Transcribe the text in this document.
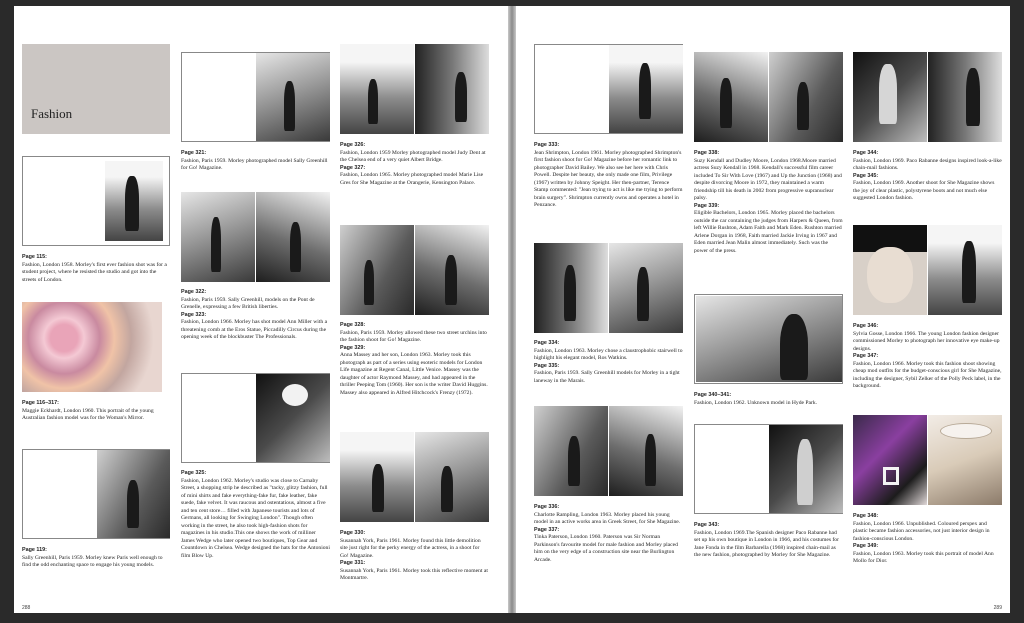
Fashion
Page 115:
Fashion, London 1958. Morley's first ever fashion shot was for a student project, where he resisted the studio and got into the streets of London.
Page 116–317:
Maggie Eckhardt, London 1960. This portrait of the young Australian fashion model was for the Woman's Mirror.
Page 119:
Sally Greenhill, Paris 1959. Morley knew Paris well enough to find the odd enchanting space to engage his young models.
Page 321:
Fashion, Paris 1959. Morley photographed model Sally Greenhill for Go! Magazine.
Page 322:
Fashion, Paris 1959. Sally Greenhill, models on the Pont de Grenelle, expressing a few British liberties.
Page 323:
Fashion, London 1966. Morley has shot model Ann Miller with a threatening comb at the Eros Statue, Piccadilly Circus during the opening week of the blockbuster The Professionals.
Page 325:
Fashion, London 1962. Morley's studio was close to Carnaby Street, a shopping strip he described as "tacky, glitzy fashion, full of mini shirts and fake everything-fake fur, fake leather, fake suede, fake velvet. It was raucous and ostentatious, almost a five and ten cent store… filled with Japanese tourists and lots of Germans, all looking for Swinging London". Though often working in the street, he also took high-fashion shots for magazines in his studio.This one shows the work of milliner James Wedge who later opened two boutiques, Top Gear and Countdown in Chelsea. Wedge designed the hats for the Antonioni film Blow Up.
Page 326:
Fashion, London 1959 Morley photographed model Judy Dent at the Chelsea end of a very quiet Albert Bridge.
Page 327:
Fashion, London 1965. Morley photographed model Marie Lise Gres for She Magazine at the Orangerie, Kensington Palace.
Page 328:
Fashion, Paris 1959. Morley allowed these two street urchins into the fashion shoot for Go! Magazine.
Page 329:
Anna Massey and her son, London 1963. Morley took this photograph as part of a series using esoteric models for London Life magazine at Regent Canal, Little Venice. Massey was the daughter of actor Raymond Massey, and had appeared in the thriller Peeping Tom (1960). Her son is the writer David Huggins. Massey also appeared in Alfred Hitchcock's Frenzy (1972).
Page 330:
Susannah York, Paris 1961. Morley found this little demolition site just right for the perky energy of the actress, in a shoot for Go! Magazine.
Page 331:
Susannah York, Paris 1961. Morley took this reflective moment at Montmartre.
288
Page 333:
Jean Shrimpton, London 1961. Morley photographed Shrimpton's first fashion shoot for Go! Magazine before her romantic link to photographer David Bailey. We also see her here with Chris Powell. Despite her beauty, she only made one film, Privilege (1967) written by Johnny Speight. Her then-partner, Terence Stamp commented: "Jean trying to act is like me trying to perform brain surgery". Shrimpton currently owns and operates a hotel in Penzance.
Page 334:
Fashion, London 1963. Morley chose a claustrophobic stairwell to highlight his elegant model, Ros Watkins.
Page 335:
Fashion, Paris 1959. Sally Greenhill models for Morley in a tight laneway in the Marais.
Page 336:
Charlotte Rampling, London 1963. Morley placed his young model in an active works area in Greek Street, for She Magazine.
Page 337:
Tinka Paterson, London 1960. Paterson was Sir Norman Parkinson's favourite model for male fashion and Morley placed him on the very edge of a construction site near the Burlington Arcade.
Page 338:
Suzy Kendall and Dudley Moore, London 1968.Moore married actress Suzy Kendall in 1968. Kendall's successful film career included To Sir With Love (1967) and Up the Junction (1968) and despite divorcing Moore in 1972, they maintained a warm friendship till his death in 2002 from progressive supranuclear palsy.
Page 339:
Eligible Bachelors, London 1965. Morley placed the bachelors outside the car containing the judges from Harpers & Queen, from left Willie Rushton, Adam Faith and Mark Eden. Rushton married Arlene Dorgan in 1968, Faith married Jackie Irving in 1967 and Eden married Jean Malin almost immediately. Such was the power of the press.
Page 340–341:
Fashion, London 1962. Unknown model in Hyde Park.
Page 343:
Fashion, London 1969.The Spanish designer Paco Rabanne had set up his own boutique in London in 1966, and his costumes for Jane Fonda in the film Barbarella (1968) inspired chain-mail as the new fashion, photographed by Morley for She Magazine.
Page 344:
Fashion, London 1969. Paco Rabanne designs inspired look-a-like chain-mail fashions.
Page 345:
Fashion, London 1969. Another shoot for She Magazine shows the joy of clear plastic, polystyrene boots and not much else suggested London fashion.
Page 346:
Sylvia Gosse, London 1966. The young London fashion designer commissioned Morley to photograph her innovative eye make-up designs.
Page 347:
Fashion, London 1966. Morley took this fashion shoot showing cheap mod outfits for the budget-conscious girl for She Magazine, including the designer, Sybil Zelker of the Polly Peck label, in the background.
Page 348:
Fashion, London 1966. Unpublished. Coloured perspex and plastic became fashion accessories, not just interior design in fashion-conscious London.
Page 349:
Fashion, London 1963. Morley took this portrait of model Ann Mollo for Dior.
289
